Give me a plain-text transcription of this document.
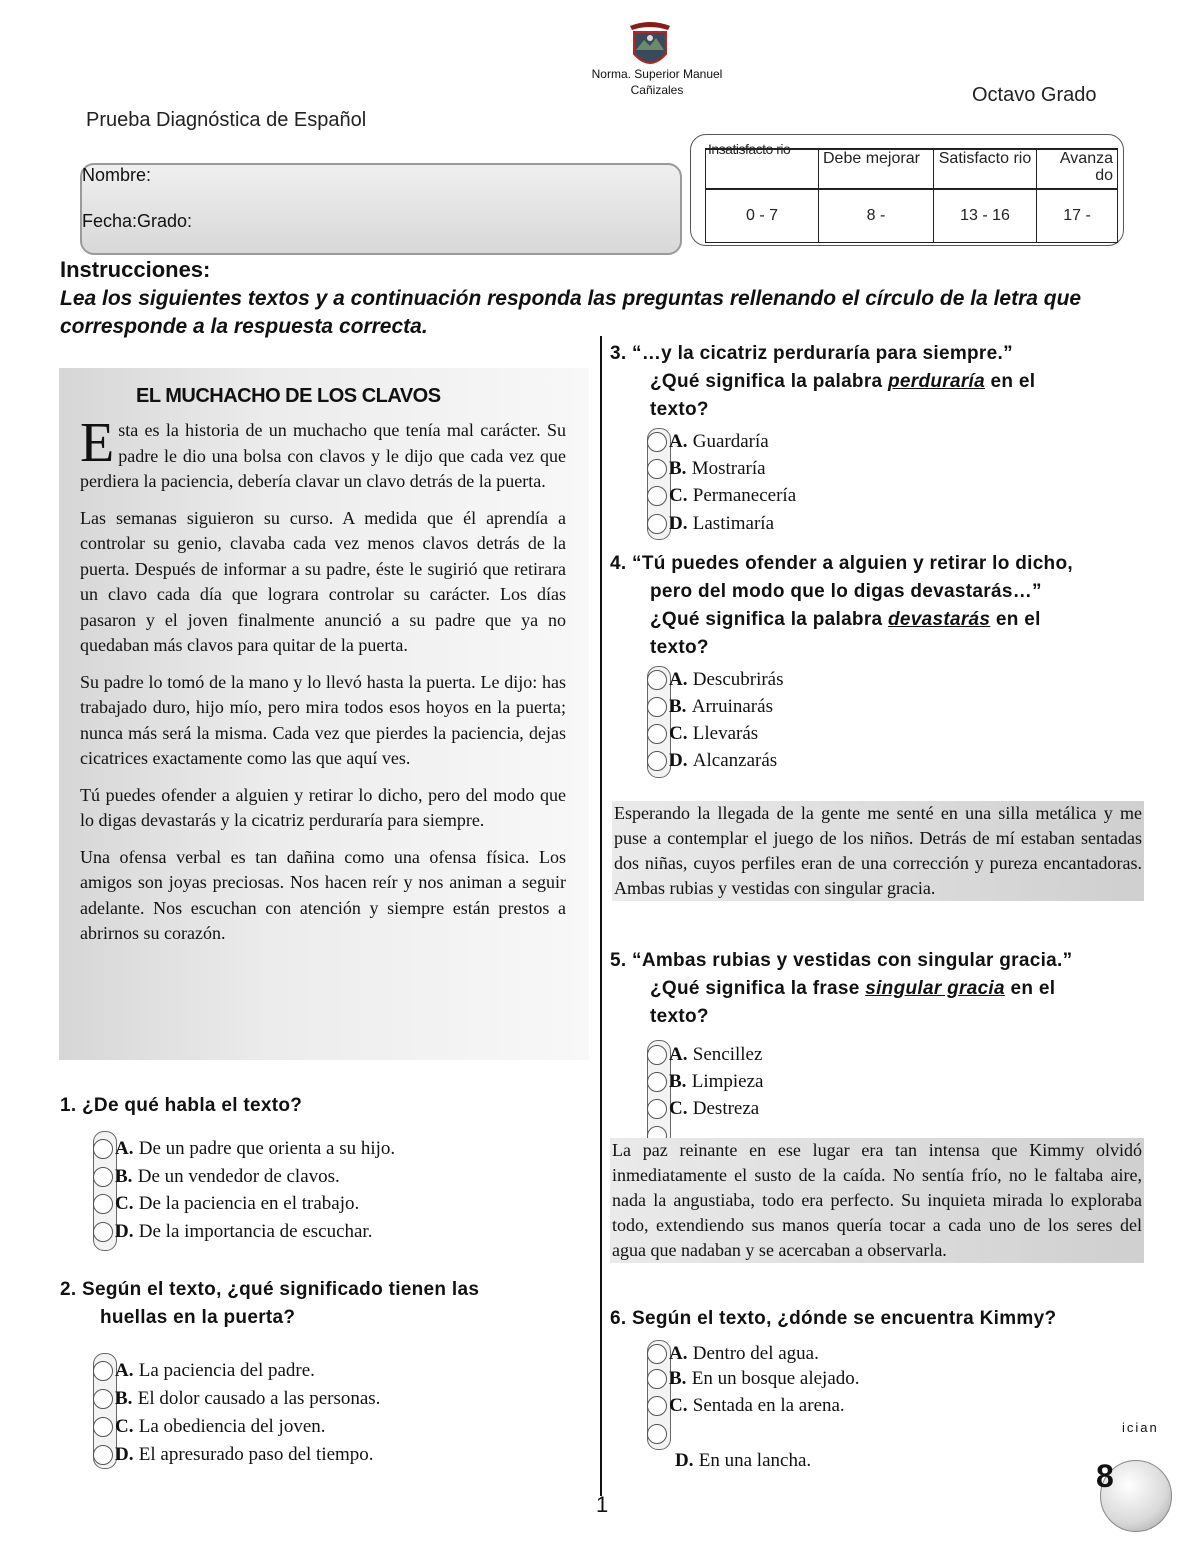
Norma. Superior Manuel Cañizales	Octavo Grado
Prueba Diagnóstica de Español
Nombre:
Fecha:Grado:
Insatisfacto rio
	Debe mejorar	Satisfacto rio	Avanza do
0 - 7	8 -	13 - 16	17 -
Instrucciones:
Lea los siguientes textos y a continuación responda las preguntas rellenando el círculo de la letra que corresponde a la respuesta correcta.
EL MUCHACHO DE LOS CLAVOS

Esta es la historia de un muchacho que tenía mal carácter. Su padre le dio una bolsa con clavos y le dijo que cada vez que perdiera la paciencia, debería clavar un clavo detrás de la puerta.

Las semanas siguieron su curso. A medida que él aprendía a controlar su genio, clavaba cada vez menos clavos detrás de la puerta. Después de informar a su padre, éste le sugirió que retirara un clavo cada día que lograra controlar su carácter. Los días pasaron y el joven finalmente anunció a su padre que ya no quedaban más clavos para quitar de la puerta.

Su padre lo tomó de la mano y lo llevó hasta la puerta. Le dijo: has trabajado duro, hijo mío, pero mira todos esos hoyos en la puerta; nunca más será la misma. Cada vez que pierdes la paciencia, dejas cicatrices exactamente como las que aquí ves.

Tú puedes ofender a alguien y retirar lo dicho, pero del modo que lo digas devastarás y la cicatriz perduraría para siempre.

Una ofensa verbal es tan dañina como una ofensa física. Los amigos son joyas preciosas. Nos hacen reír y nos animan a seguir adelante. Nos escuchan con atención y siempre están prestos a abrirnos su corazón.

1. ¿De qué habla el texto?
A. De un padre que orienta a su hijo.
B. De un vendedor de clavos.
C. De la paciencia en el trabajo.
D. De la importancia de escuchar.
2. Según el texto, ¿qué significado tienen las
huellas en la puerta?
A. La paciencia del padre.
B. El dolor causado a las personas.
C. La obediencia del joven.
D. El apresurado paso del tiempo.
3. “…y la cicatriz perduraría para siempre.”
¿Qué significa la palabra perduraría en el
texto?
A. Guardaría
B. Mostraría
C. Permanecería
D. Lastimaría
4. “Tú puedes ofender a alguien y retirar lo dicho,
pero del modo que lo digas devastarás…”
¿Qué significa la palabra devastarás en el
texto?
A. Descubrirás
B. Arruinarás
C. Llevarás
D. Alcanzarás
Esperando la llegada de la gente me senté en una silla metálica y me puse a contemplar el juego de los niños. Detrás de mí estaban sentadas dos niñas, cuyos perfiles eran de una corrección y pureza encantadoras. Ambas rubias y vestidas con singular gracia.
5. “Ambas rubias y vestidas con singular gracia.”
¿Qué significa la frase singular gracia en el
texto?
A. Sencillez
B. Limpieza
C. Destreza
La paz reinante en ese lugar era tan intensa que Kimmy olvidó inmediatamente el susto de la caída. No sentía frío, no le faltaba aire, nada la angustiaba, todo era perfecto. Su inquieta mirada lo exploraba todo, extendiendo sus manos quería tocar a cada uno de los seres del agua que nadaban y se acercaban a observarla.
6. Según el texto, ¿dónde se encuentra Kimmy?
A. Dentro del agua.
B. En un bosque alejado.
C. Sentada en la arena.
D. En una lancha.
1
ician
8
